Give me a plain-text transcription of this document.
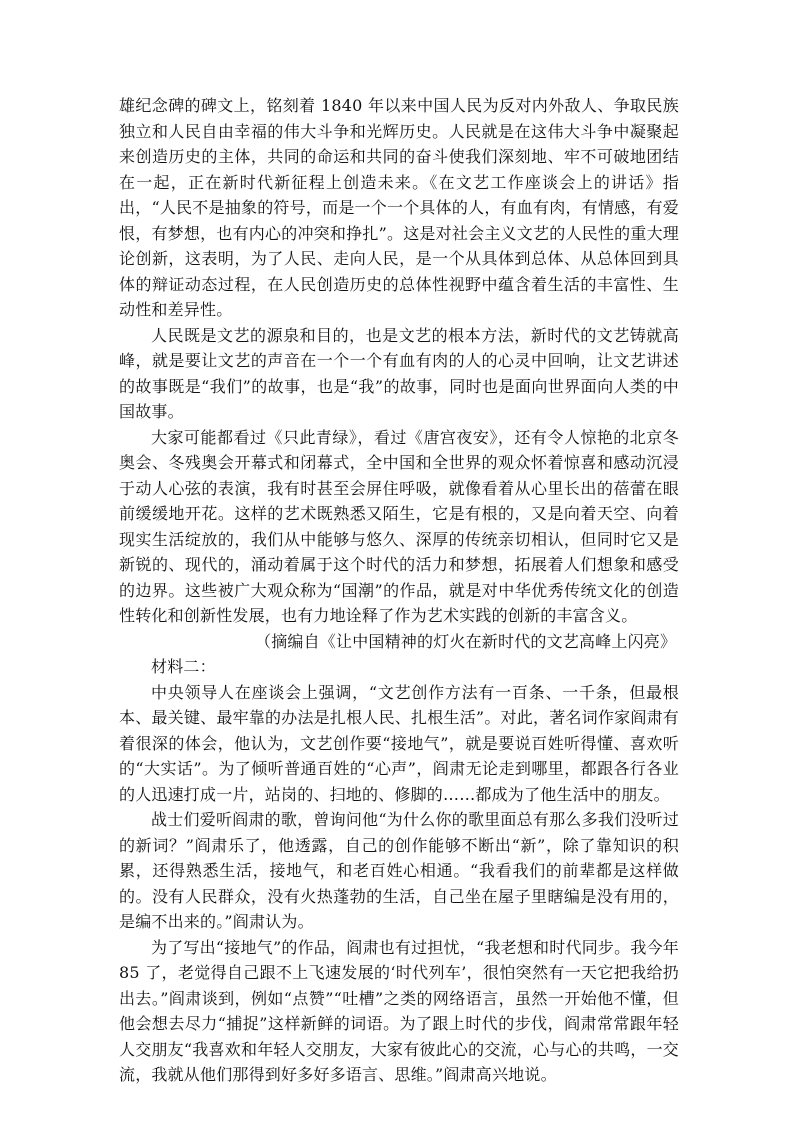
雄纪念碑的碑文上，铭刻着 1840 年以来中国人民为反对内外敌人、争取民族独立和人民自由幸福的伟大斗争和光辉历史。人民就是在这伟大斗争中凝聚起来创造历史的主体，共同的命运和共同的奋斗使我们深刻地、牢不可破地团结在一起，正在新时代新征程上创造未来。《在文艺工作座谈会上的讲话》指出，“人民不是抽象的符号，而是一个一个具体的人，有血有肉，有情感，有爱恨，有梦想，也有内心的冲突和挣扎”。这是对社会主义文艺的人民性的重大理论创新，这表明，为了人民、走向人民，是一个从具体到总体、从总体回到具体的辩证动态过程，在人民创造历史的总体性视野中蕴含着生活的丰富性、生动性和差异性。

人民既是文艺的源泉和目的，也是文艺的根本方法，新时代的文艺铸就高峰，就是要让文艺的声音在一个一个有血有肉的人的心灵中回响，让文艺讲述的故事既是“我们”的故事，也是“我”的故事，同时也是面向世界面向人类的中国故事。

大家可能都看过《只此青绿》，看过《唐宫夜安》，还有令人惊艳的北京冬奥会、冬残奥会开幕式和闭幕式，全中国和全世界的观众怀着惊喜和感动沉浸于动人心弦的表演，我有时甚至会屏住呼吸，就像看着从心里长出的蓓蕾在眼前缓缓地开花。这样的艺术既熟悉又陌生，它是有根的，又是向着天空、向着现实生活绽放的，我们从中能够与悠久、深厚的传统亲切相认，但同时它又是新锐的、现代的，涌动着属于这个时代的活力和梦想，拓展着人们想象和感受的边界。这些被广大观众称为“国潮”的作品，就是对中华优秀传统文化的创造性转化和创新性发展，也有力地诠释了作为艺术实践的创新的丰富含义。

（摘编自《让中国精神的灯火在新时代的文艺高峰上闪亮》

材料二：

中央领导人在座谈会上强调，“文艺创作方法有一百条、一千条，但最根本、最关键、最牢靠的办法是扎根人民、扎根生活”。对此，著名词作家阎肃有着很深的体会，他认为，文艺创作要“接地气”，就是要说百姓听得懂、喜欢听的“大实话”。为了倾听普通百姓的“心声”，阎肃无论走到哪里，都跟各行各业的人迅速打成一片，站岗的、扫地的、修脚的……都成为了他生活中的朋友。

战士们爱听阎肃的歌，曾询问他“为什么你的歌里面总有那么多我们没听过的新词？”阎肃乐了，他透露，自己的创作能够不断出“新”，除了靠知识的积累，还得熟悉生活，接地气，和老百姓心相通。“我看我们的前辈都是这样做的。没有人民群众，没有火热蓬勃的生活，自己坐在屋子里瞎编是没有用的，是编不出来的。”阎肃认为。

为了写出“接地气”的作品，阎肃也有过担忧，“我老想和时代同步。我今年 85 了，老觉得自己跟不上飞速发展的‘时代列车’，很怕突然有一天它把我给扔出去。”阎肃谈到，例如“点赞”“吐槽”之类的网络语言，虽然一开始他不懂，但他会想去尽力“捕捉”这样新鲜的词语。为了跟上时代的步伐，阎肃常常跟年轻人交朋友“我喜欢和年轻人交朋友，大家有彼此心的交流，心与心的共鸣，一交流，我就从他们那得到好多好多语言、思维。”阎肃高兴地说。
